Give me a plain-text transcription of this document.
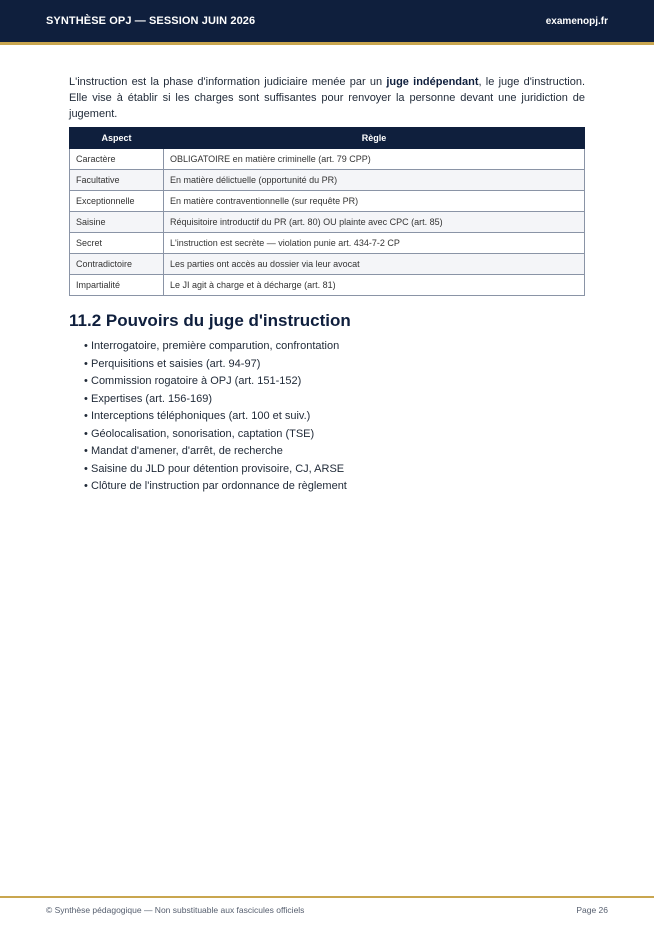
SYNTHÈSE OPJ — SESSION JUIN 2026	examenopj.fr

L'instruction est la phase d'information judiciaire menée par un juge indépendant, le juge d'instruction. Elle vise à établir si les charges sont suffisantes pour renvoyer la personne devant une juridiction de jugement.

Aspect	Règle
Caractère	OBLIGATOIRE en matière criminelle (art. 79 CPP)
Facultative	En matière délictuelle (opportunité du PR)
Exceptionnelle	En matière contraventionnelle (sur requête PR)
Saisine	Réquisitoire introductif du PR (art. 80) OU plainte avec CPC (art. 85)
Secret	L'instruction est secrète — violation punie art. 434-7-2 CP
Contradictoire	Les parties ont accès au dossier via leur avocat
Impartialité	Le JI agit à charge et à décharge (art. 81)
11.2 Pouvoirs du juge d'instruction
• Interrogatoire, première comparution, confrontation
• Perquisitions et saisies (art. 94-97)
• Commission rogatoire à OPJ (art. 151-152)
• Expertises (art. 156-169)
• Interceptions téléphoniques (art. 100 et suiv.)
• Géolocalisation, sonorisation, captation (TSE)
• Mandat d'amener, d'arrêt, de recherche
• Saisine du JLD pour détention provisoire, CJ, ARSE
• Clôture de l'instruction par ordonnance de règlement
© Synthèse pédagogique — Non substituable aux fascicules officiels	Page 26
